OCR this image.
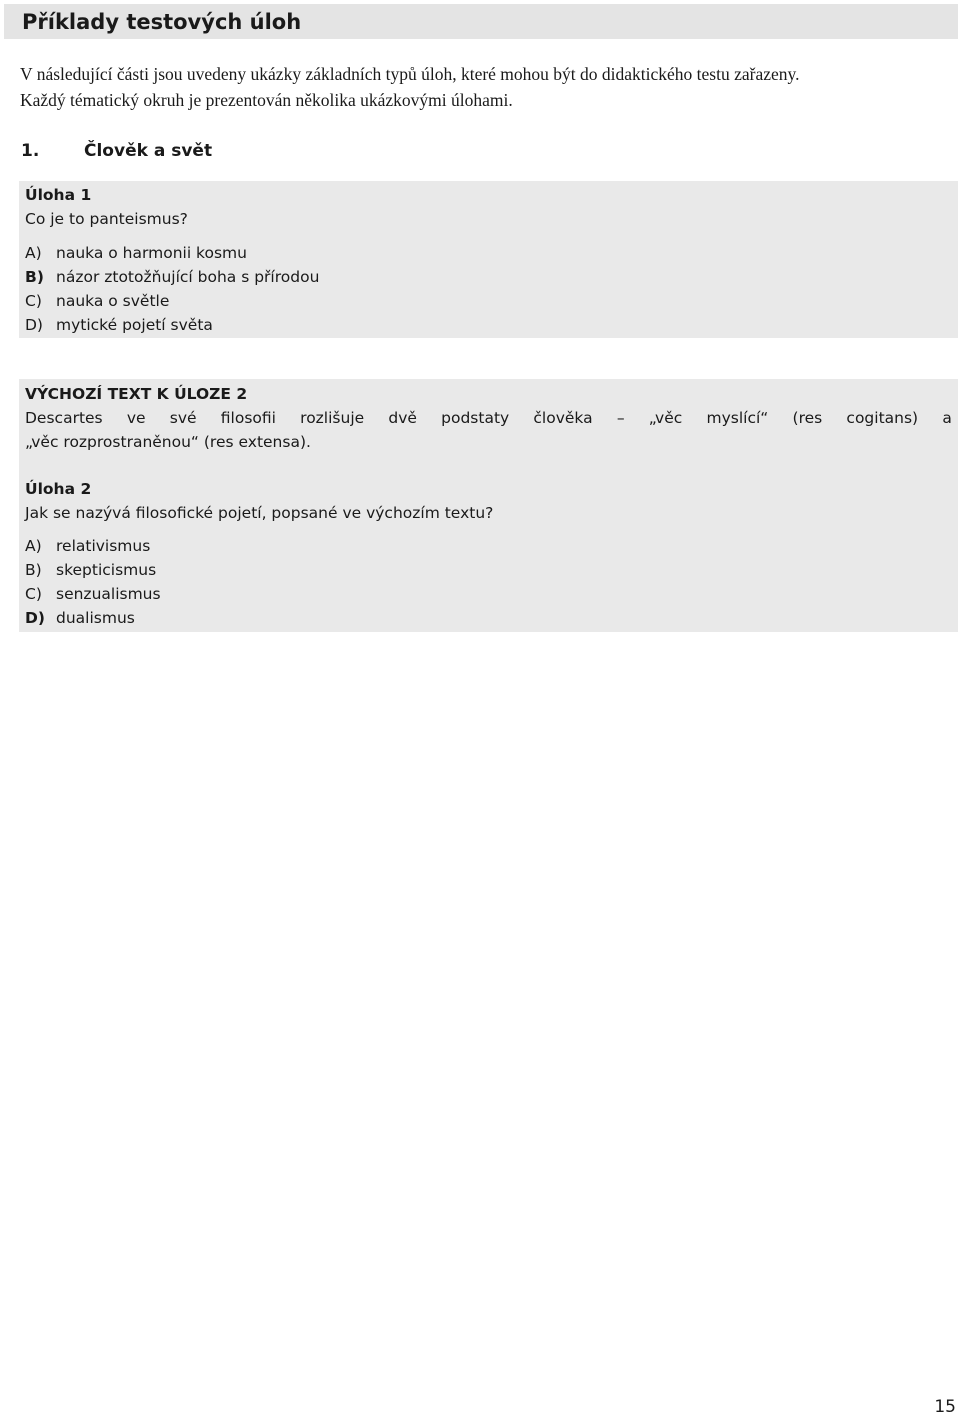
Příklady testových úloh
V následující části jsou uvedeny ukázky základních typů úloh, které mohou být do didaktického testu zařazeny.
Každý tématický okruh je prezentován několika ukázkovými úlohami.
1.	Člověk a svět
Úloha 1
Co je to panteismus?
A) nauka o harmonii kosmu
B) názor ztotožňující boha s přírodou
C) nauka o světle
D) mytické pojetí světa
VÝCHOZÍ TEXT K ÚLOZE 2
Descartes ve své filosofii rozlišuje dvě podstaty člověka – „věc myslící“ (res cogitans) a
„věc rozprostraněnou“ (res extensa).
Úloha 2
Jak se nazývá filosofické pojetí, popsané ve výchozím textu?
A) relativismus
B) skepticismus
C) senzualismus
D) dualismus
15
